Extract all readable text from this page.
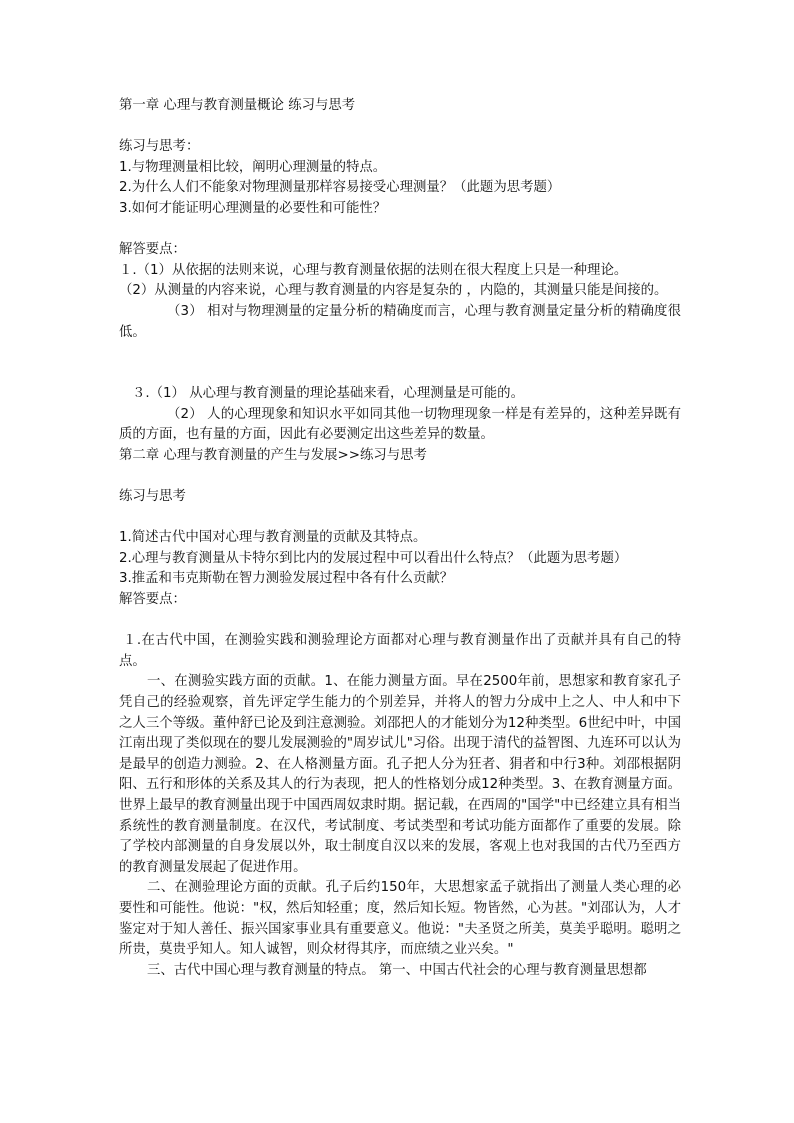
第一章 心理与教育测量概论 练习与思考
练习与思考：
1.与物理测量相比较，阐明心理测量的特点。
2.为什么人们不能象对物理测量那样容易接受心理测量？（此题为思考题）
3.如何才能证明心理测量的必要性和可能性？
解答要点：
１.（1）从依据的法则来说，心理与教育测量依据的法则在很大程度上只是一种理论。
（2）从测量的内容来说，心理与教育测量的内容是复杂的 ，内隐的，其测量只能是间接的。
（3） 相对与物理测量的定量分析的精确度而言，心理与教育测量定量分析的精确度很低。
３.（1） 从心理与教育测量的理论基础来看，心理测量是可能的。
（2） 人的心理现象和知识水平如同其他一切物理现象一样是有差异的，这种差异既有质的方面，也有量的方面，因此有必要测定出这些差异的数量。
第二章 心理与教育测量的产生与发展>>练习与思考
练习与思考
1.简述古代中国对心理与教育测量的贡献及其特点。
2.心理与教育测量从卡特尔到比内的发展过程中可以看出什么特点？（此题为思考题）
3.推孟和韦克斯勒在智力测验发展过程中各有什么贡献？
解答要点：
１.在古代中国，在测验实践和测验理论方面都对心理与教育测量作出了贡献并具有自己的特点。
一、在测验实践方面的贡献。1、在能力测量方面。早在2500年前，思想家和教育家孔子凭自己的经验观察，首先评定学生能力的个别差异，并将人的智力分成中上之人、中人和中下之人三个等级。董仲舒已论及到注意测验。刘邵把人的才能划分为12种类型。6世纪中叶，中国江南出现了类似现在的婴儿发展测验的"周岁试儿"习俗。出现于清代的益智图、九连环可以认为是最早的创造力测验。2、在人格测量方面。孔子把人分为狂者、狷者和中行3种。刘邵根据阴阳、五行和形体的关系及其人的行为表现，把人的性格划分成12种类型。3、在教育测量方面。世界上最早的教育测量出现于中国西周奴隶时期。据记载，在西周的"国学"中已经建立具有相当系统性的教育测量制度。在汉代，考试制度、考试类型和考试功能方面都作了重要的发展。除了学校内部测量的自身发展以外，取士制度自汉以来的发展，客观上也对我国的古代乃至西方的教育测量发展起了促进作用。
二、在测验理论方面的贡献。孔子后约150年，大思想家孟子就指出了测量人类心理的必要性和可能性。他说："权，然后知轻重；度，然后知长短。物皆然，心为甚。"刘邵认为，人才鉴定对于知人善任、振兴国家事业具有重要意义。他说："夫圣贤之所美，莫美乎聪明。聪明之所贵，莫贵乎知人。知人诚智，则众材得其序，而庶绩之业兴矣。"
三、古代中国心理与教育测量的特点。 第一、中国古代社会的心理与教育测量思想都
